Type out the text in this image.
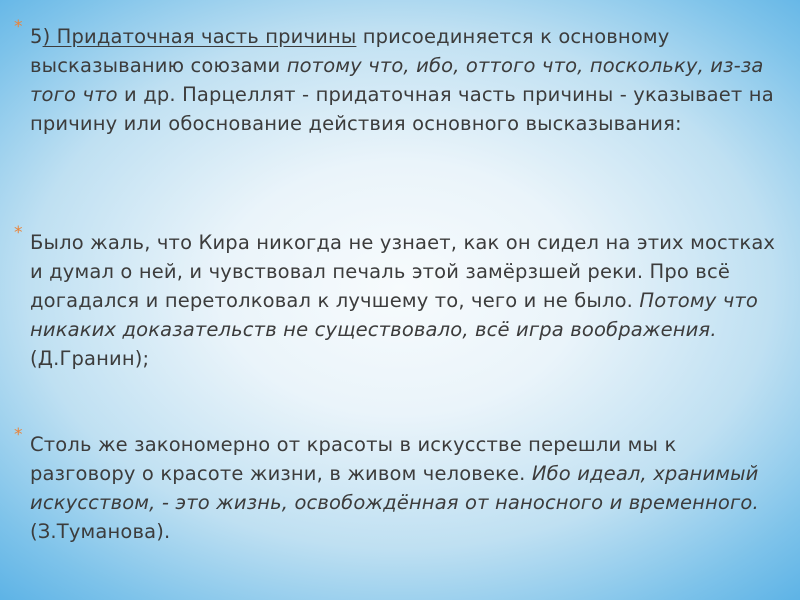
* 5) Придаточная часть причины присоединяется к основному высказыванию союзами потому что, ибо, оттого что, поскольку, из-за того что и др. Парцеллят - придаточная часть причины - указывает на причину или обоснование действия основного высказывания:

* Было жаль, что Кира никогда не узнает, как он сидел на этих мостках и думал о ней, и чувствовал печаль этой замёрзшей реки. Про всё догадался и перетолковал к лучшему то, чего и не было. Потому что никаких доказательств не существовало, всё игра воображения. (Д.Гранин);

* Столь же закономерно от красоты в искусстве перешли мы к разговору о красоте жизни, в живом человеке. Ибо идеал, хранимый искусством, - это жизнь, освобождённая от наносного и временного. (З.Туманова).
